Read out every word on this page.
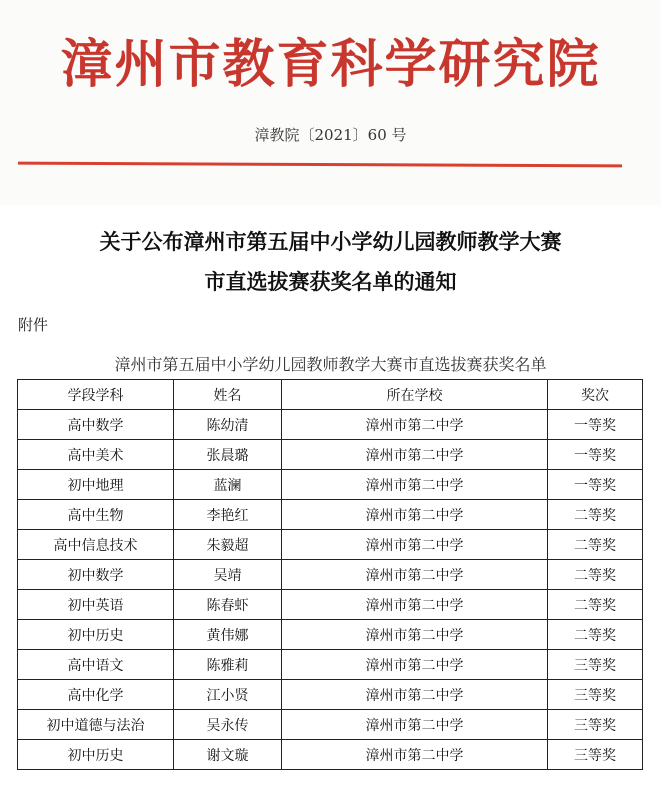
漳州市教育科学研究院
漳教院〔2021〕60 号
关于公布漳州市第五届中小学幼儿园教师教学大赛
市直选拔赛获奖名单的通知
附件
漳州市第五届中小学幼儿园教师教学大赛市直选拔赛获奖名单
学段学科	姓名	所在学校	奖次
高中数学	陈幼清	漳州市第二中学	一等奖
高中美术	张晨璐	漳州市第二中学	一等奖
初中地理	蓝澜	漳州市第二中学	一等奖
高中生物	李艳红	漳州市第二中学	二等奖
高中信息技术	朱毅超	漳州市第二中学	二等奖
初中数学	吴靖	漳州市第二中学	二等奖
初中英语	陈春虾	漳州市第二中学	二等奖
初中历史	黄伟娜	漳州市第二中学	二等奖
高中语文	陈雅莉	漳州市第二中学	三等奖
高中化学	江小贤	漳州市第二中学	三等奖
初中道德与法治	吴永传	漳州市第二中学	三等奖
初中历史	谢文璇	漳州市第二中学	三等奖
